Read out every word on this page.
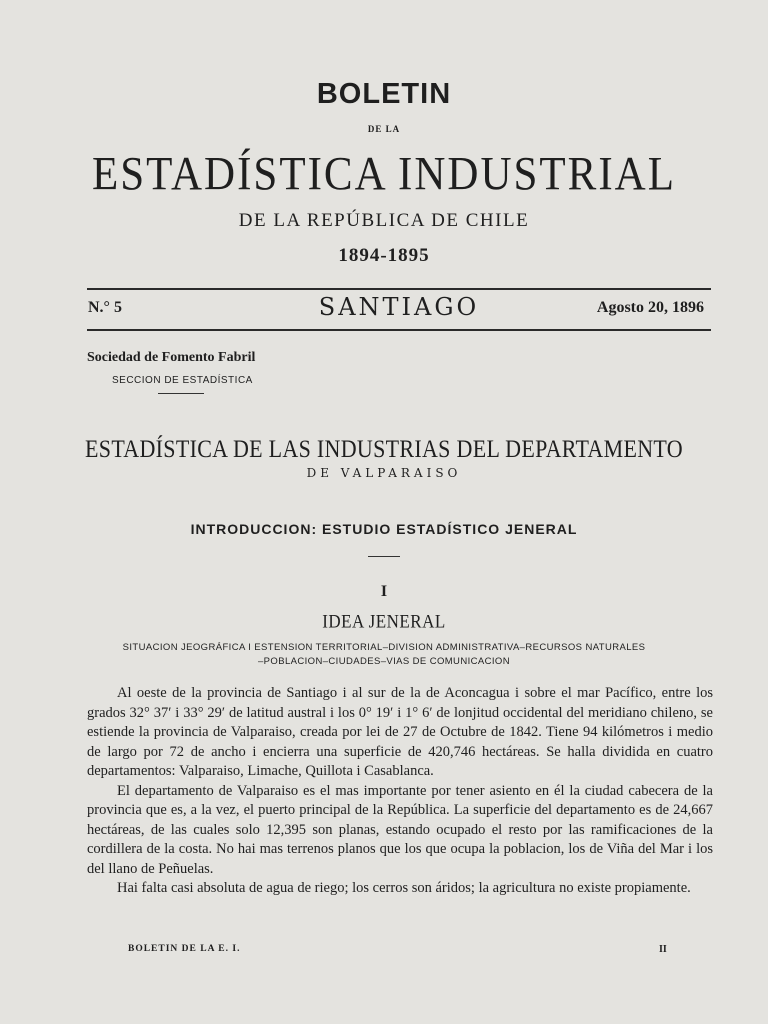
BOLETIN
DE LA
ESTADÍSTICA INDUSTRIAL
DE LA REPÚBLICA DE CHILE
1894-1895
N.° 5	SANTIAGO	Agosto 20, 1896
Sociedad de Fomento Fabril
SECCION DE ESTADÍSTICA
ESTADÍSTICA DE LAS INDUSTRIAS DEL DEPARTAMENTO
DE VALPARAISO
INTRODUCCION: ESTUDIO ESTADÍSTICO JENERAL
I
IDEA JENERAL
SITUACION JEOGRÁFICA I ESTENSION TERRITORIAL–DIVISION ADMINISTRATIVA–RECURSOS NATURALES
–POBLACION–CIUDADES–VIAS DE COMUNICACION

Al oeste de la provincia de Santiago i al sur de la de Aconcagua i sobre el mar Pacífico, entre los grados 32° 37′ i 33° 29′ de latitud austral i los 0° 19′ i 1° 6′ de lonjitud occidental del meridiano chileno, se estiende la provincia de Valparaiso, creada por lei de 27 de Octubre de 1842. Tiene 94 kilómetros i medio de largo por 72 de ancho i encierra una superficie de 420,746 hectáreas. Se halla dividida en cuatro departamentos: Valparaiso, Limache, Quillota i Casablanca.

El departamento de Valparaiso es el mas importante por tener asiento en él la ciudad cabecera de la provincia que es, a la vez, el puerto principal de la República. La superficie del departamento es de 24,667 hectáreas, de las cuales solo 12,395 son planas, estando ocupado el resto por las ramificaciones de la cordillera de la costa. No hai mas terrenos planos que los que ocupa la poblacion, los de Viña del Mar i los del llano de Peñuelas.

Hai falta casi absoluta de agua de riego; los cerros son áridos; la agricultura no existe propiamente.

BOLETIN DE LA E. I.	II
